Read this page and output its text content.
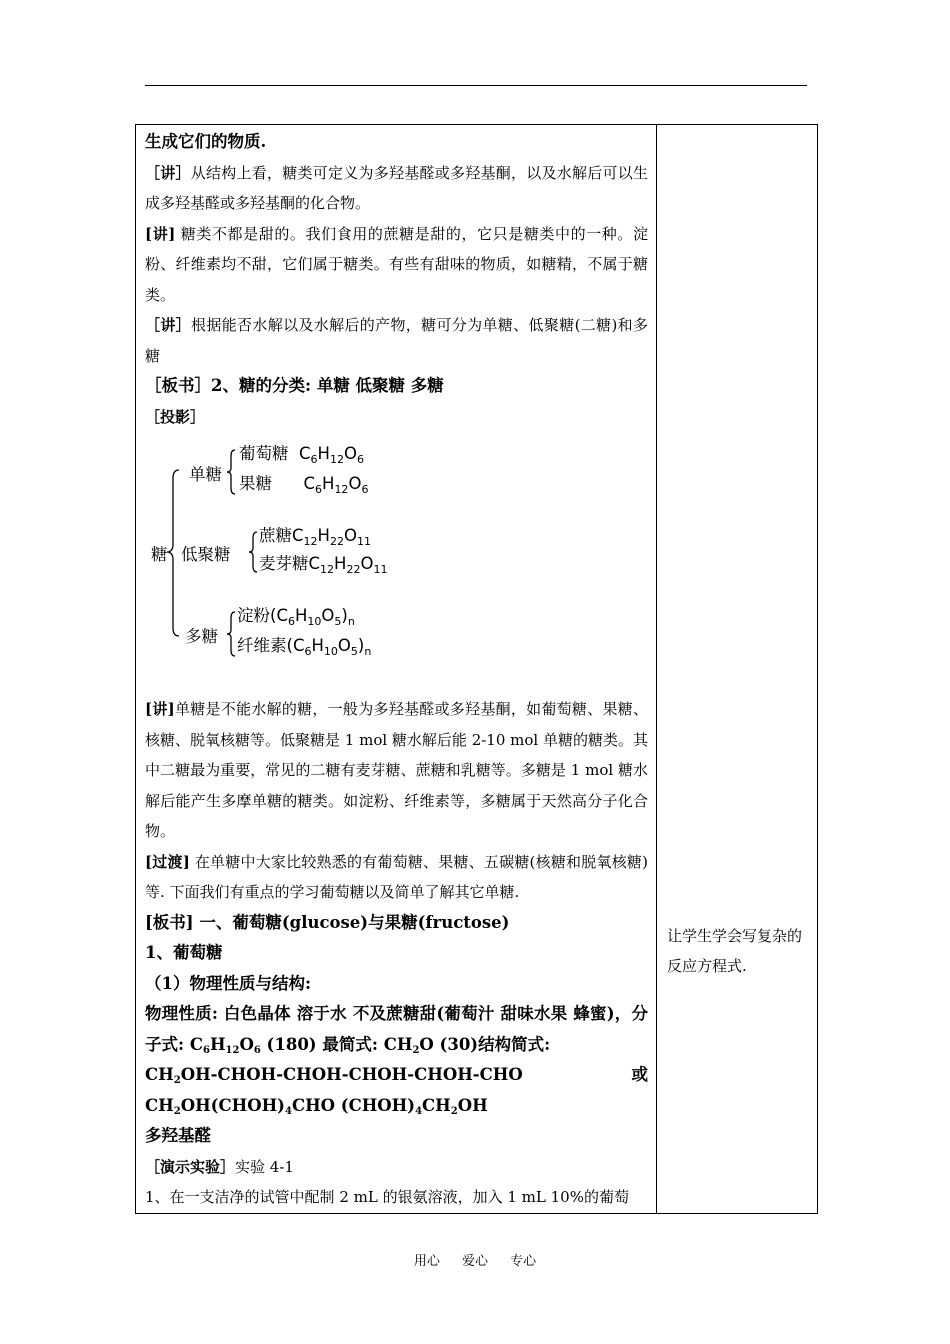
生成它们的物质.

［讲］从结构上看，糖类可定义为多羟基醛或多羟基酮，以及水解后可以生成多羟基醛或多羟基酮的化合物。

[讲] 糖类不都是甜的。我们食用的蔗糖是甜的，它只是糖类中的一种。淀粉、纤维素均不甜，它们属于糖类。有些有甜味的物质，如糖精，不属于糖类。

［讲］根据能否水解以及水解后的产物，糖可分为单糖、低聚糖(二糖)和多糖

［板书］2、糖的分类: 单糖 低聚糖 多糖

［投影］

糖
单糖
低聚糖
多糖
葡萄糖 $C_6H_{12}O_6$
果糖 $C_6H_{12}O_6$
蔗糖$C_{12}H_{22}O_{11}$
麦芽糖$C_{12}H_{22}O_{11}$
淀粉$(C_6H_{10}O_5)_n$
纤维素$(C_6H_{10}O_5)_n$

[讲]单糖是不能水解的糖，一般为多羟基醛或多羟基酮，如葡萄糖、果糖、核糖、脱氧核糖等。低聚糖是 1 mol 糖水解后能 2-10 mol 单糖的糖类。其中二糖最为重要，常见的二糖有麦芽糖、蔗糖和乳糖等。多糖是 1 mol 糖水解后能产生多摩单糖的糖类。如淀粉、纤维素等，多糖属于天然高分子化合物。

[过渡] 在单糖中大家比较熟悉的有葡萄糖、果糖、五碳糖(核糖和脱氧核糖)等. 下面我们有重点的学习葡萄糖以及简单了解其它单糖.

[板书] 一、葡萄糖(glucose)与果糖(fructose)

1、葡萄糖

（1）物理性质与结构:

物理性质: 白色晶体 溶于水 不及蔗糖甜(葡萄汁 甜味水果 蜂蜜)，分子式: $C_6H_{12}O_6$ (180) 最简式: $CH_2O$ (30)结构简式:

$CH_2OH-CHOH-CHOH-CHOH-CHOH$-CHO	或

$CH_2OH(CHOH)_4CHO$ $(CHOH)_4CH_2OH$

多羟基醛

［演示实验］实验 4-1

1、在一支洁净的试管中配制 2 mL 的银氨溶液，加入 1 mL 10%的葡萄

让学生学会写复杂的反应方程式.

用心 爱心 专心
